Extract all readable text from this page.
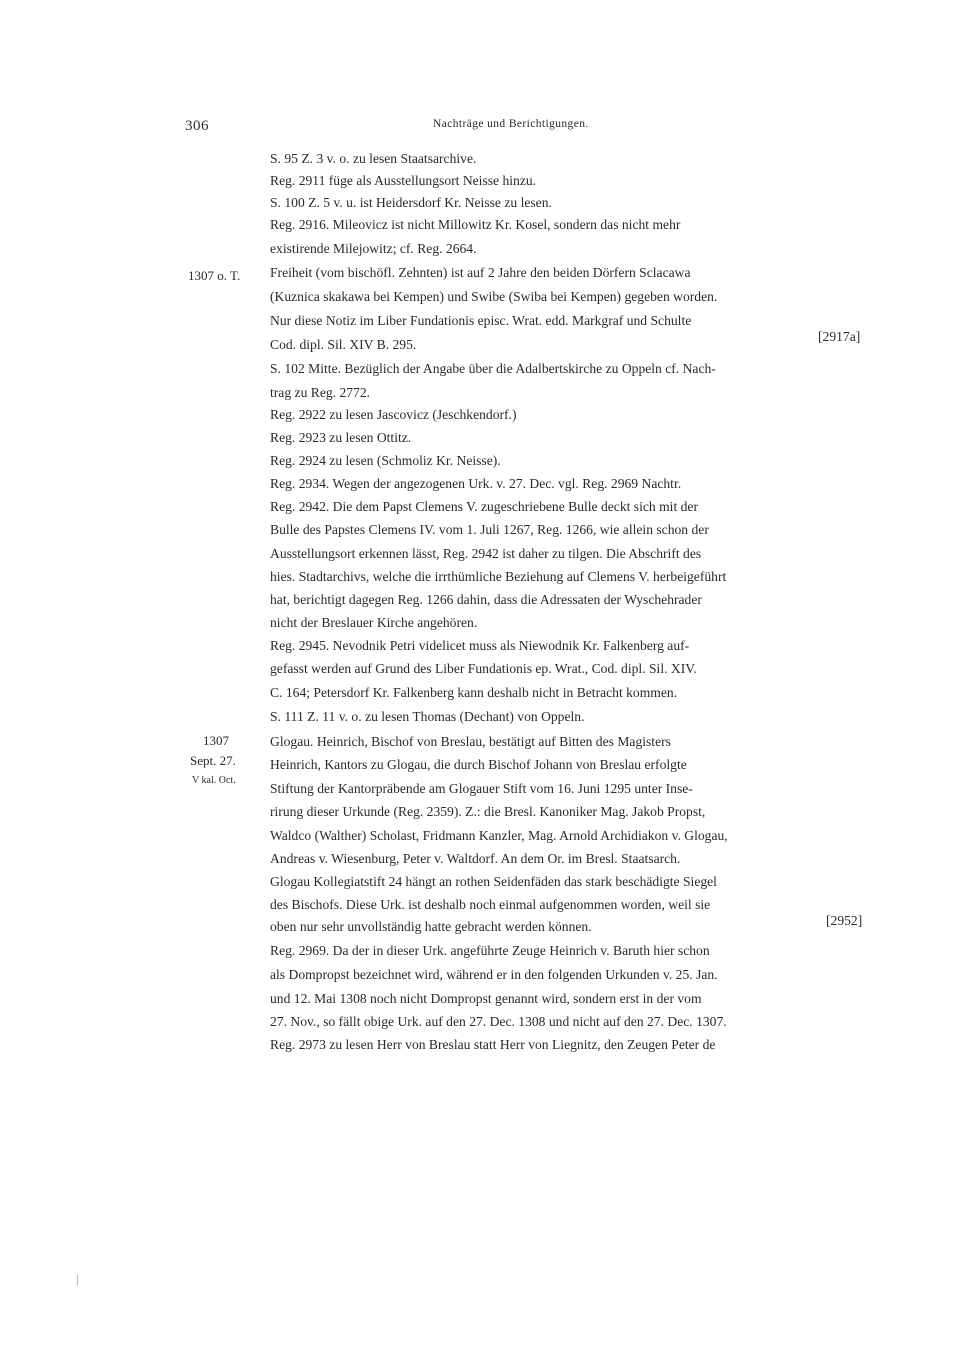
306	Nachträge und Berichtigungen.
1307 o. T.
1307
Sept. 27.
V kal. Oct.
S. 95 Z. 3 v. o. zu lesen Staatsarchive.
Reg. 2911 füge als Ausstellungsort Neisse hinzu.
S. 100 Z. 5 v. u. ist Heidersdorf Kr. Neisse zu lesen.
Reg. 2916. Mileovicz ist nicht Millowitz Kr. Kosel, sondern das nicht mehr
existirende Milejowitz; cf. Reg. 2664.
Freiheit (vom bischöfl. Zehnten) ist auf 2 Jahre den beiden Dörfern Sclacawa
(Kuznica skakawa bei Kempen) und Swibe (Swiba bei Kempen) gegeben worden.
Nur diese Notiz im Liber Fundationis episc. Wrat. edd. Markgraf und Schulte
Cod. dipl. Sil. XIV B. 295.
[2917a]
S. 102 Mitte. Bezüglich der Angabe über die Adalbertskirche zu Oppeln cf. Nach-
trag zu Reg. 2772.
Reg. 2922 zu lesen Jascovicz (Jeschkendorf.)
Reg. 2923 zu lesen Ottitz.
Reg. 2924 zu lesen (Schmoliz Kr. Neisse).
Reg. 2934. Wegen der angezogenen Urk. v. 27. Dec. vgl. Reg. 2969 Nachtr.
Reg. 2942. Die dem Papst Clemens V. zugeschriebene Bulle deckt sich mit der
Bulle des Papstes Clemens IV. vom 1. Juli 1267, Reg. 1266, wie allein schon der
Ausstellungsort erkennen lässt, Reg. 2942 ist daher zu tilgen. Die Abschrift des
hies. Stadtarchivs, welche die irrthümliche Beziehung auf Clemens V. herbeigeführt
hat, berichtigt dagegen Reg. 1266 dahin, dass die Adressaten der Wyschehrader
nicht der Breslauer Kirche angehören.
Reg. 2945. Nevodnik Petri videlicet muss als Niewodnik Kr. Falkenberg auf-
gefasst werden auf Grund des Liber Fundationis ep. Wrat., Cod. dipl. Sil. XIV.
C. 164; Petersdorf Kr. Falkenberg kann deshalb nicht in Betracht kommen.
S. 111 Z. 11 v. o. zu lesen Thomas (Dechant) von Oppeln.
Glogau. Heinrich, Bischof von Breslau, bestätigt auf Bitten des Magisters
Heinrich, Kantors zu Glogau, die durch Bischof Johann von Breslau erfolgte
Stiftung der Kantorpräbende am Glogauer Stift vom 16. Juni 1295 unter Inse-
rirung dieser Urkunde (Reg. 2359). Z.: die Bresl. Kanoniker Mag. Jakob Propst,
Waldco (Walther) Scholast, Fridmann Kanzler, Mag. Arnold Archidiakon v. Glogau,
Andreas v. Wiesenburg, Peter v. Waltdorf. An dem Or. im Bresl. Staatsarch.
Glogau Kollegiatstift 24 hängt an rothen Seidenfäden das stark beschädigte Siegel
des Bischofs. Diese Urk. ist deshalb noch einmal aufgenommen worden, weil sie
oben nur sehr unvollständig hatte gebracht werden können.	[2952]
Reg. 2969. Da der in dieser Urk. angeführte Zeuge Heinrich v. Baruth hier schon
als Dompropst bezeichnet wird, während er in den folgenden Urkunden v. 25. Jan.
und 12. Mai 1308 noch nicht Dompropst genannt wird, sondern erst in der vom
27. Nov., so fällt obige Urk. auf den 27. Dec. 1308 und nicht auf den 27. Dec. 1307.
Reg. 2973 zu lesen Herr von Breslau statt Herr von Liegnitz, den Zeugen Peter de
|
